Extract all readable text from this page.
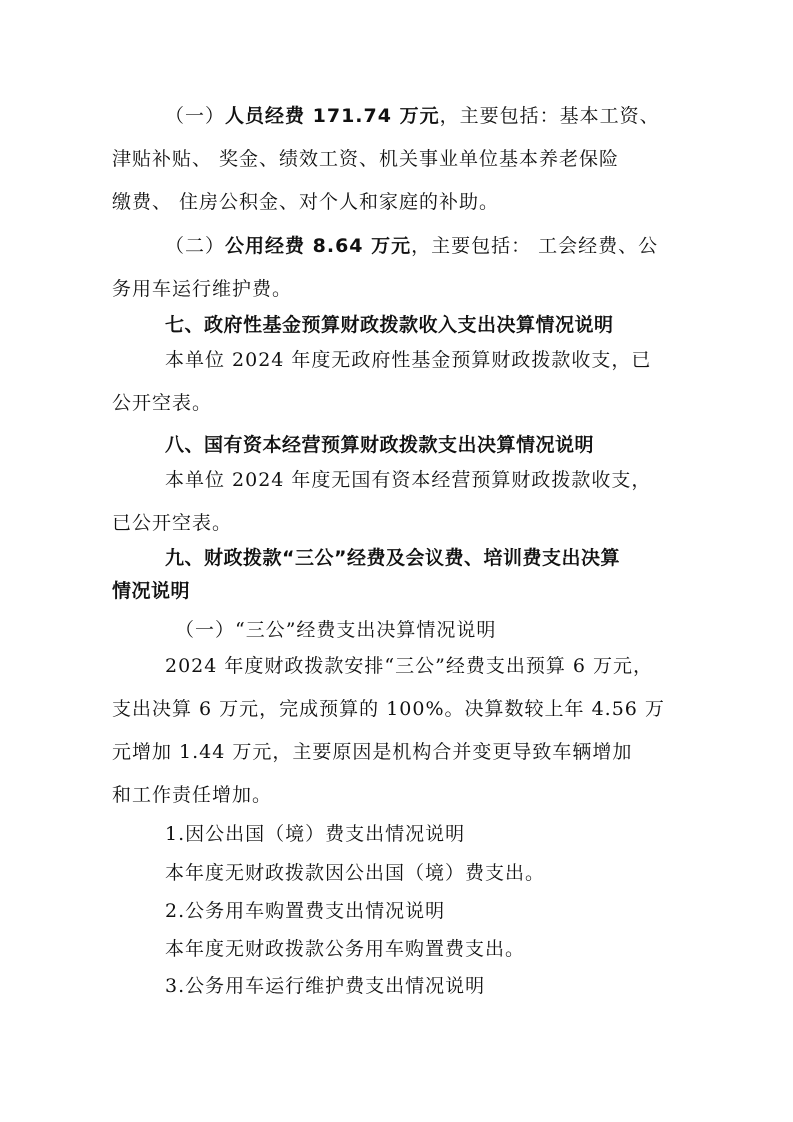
（一）人员经费 171.74 万元，主要包括：基本工资、
津贴补贴、 奖金、绩效工资、机关事业单位基本养老保险
缴费、 住房公积金、对个人和家庭的补助。
（二）公用经费 8.64 万元，主要包括： 工会经费、公
务用车运行维护费。
七、政府性基金预算财政拨款收入支出决算情况说明
本单位 2024 年度无政府性基金预算财政拨款收支，已
公开空表。
八、国有资本经营预算财政拨款支出决算情况说明
本单位 2024 年度无国有资本经营预算财政拨款收支，
已公开空表。
九、财政拨款“三公”经费及会议费、培训费支出决算
情况说明
（一）“三公”经费支出决算情况说明
2024 年度财政拨款安排“三公”经费支出预算 6 万元，
支出决算 6 万元，完成预算的 100%。决算数较上年 4.56 万
元增加 1.44 万元，主要原因是机构合并变更导致车辆增加
和工作责任增加。
1.因公出国（境）费支出情况说明
本年度无财政拨款因公出国（境）费支出。
2.公务用车购置费支出情况说明
本年度无财政拨款公务用车购置费支出。
3.公务用车运行维护费支出情况说明
